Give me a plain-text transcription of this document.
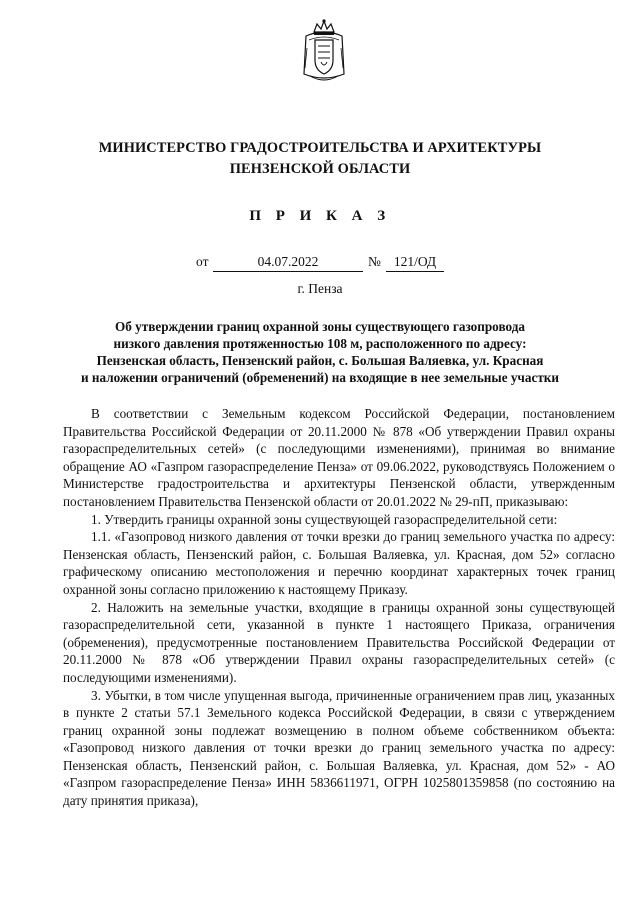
МИНИСТЕРСТВО ГРАДОСТРОИТЕЛЬСТВА И АРХИТЕКТУРЫ
ПЕНЗЕНСКОЙ ОБЛАСТИ
П Р И К А З
от	04.07.2022	№ 121/ОД
г. Пенза
Об утверждении границ охранной зоны существующего газопровода
низкого давления протяженностью 108 м, расположенного по адресу:
Пензенская область, Пензенский район, с. Большая Валяевка, ул. Красная
и наложении ограничений (обременений) на входящие в нее земельные участки

В соответствии с Земельным кодексом Российской Федерации, постановлением Правительства Российской Федерации от 20.11.2000 № 878 «Об утверждении Правил охраны газораспределительных сетей» (с последующими изменениями), принимая во внимание обращение АО «Газпром газораспределение Пенза» от 09.06.2022, руководствуясь Положением о Министерстве градостроительства и архитектуры Пензенской области, утвержденным постановлением Правительства Пензенской области от 20.01.2022 № 29-пП, приказываю:

1. Утвердить границы охранной зоны существующей газораспределительной сети:

1.1. «Газопровод низкого давления от точки врезки до границ земельного участка по адресу: Пензенская область, Пензенский район, с. Большая Валяевка, ул. Красная, дом 52» согласно графическому описанию местоположения и перечню координат характерных точек границ охранной зоны согласно приложению к настоящему Приказу.

2. Наложить на земельные участки, входящие в границы охранной зоны существующей газораспределительной сети, указанной в пункте 1 настоящего Приказа, ограничения (обременения), предусмотренные постановлением Правительства Российской Федерации от 20.11.2000 № 878 «Об утверждении Правил охраны газораспределительных сетей» (с последующими изменениями).

3. Убытки, в том числе упущенная выгода, причиненные ограничением прав лиц, указанных в пункте 2 статьи 57.1 Земельного кодекса Российской Федерации, в связи с утверждением границ охранной зоны подлежат возмещению в полном объеме собственником объекта: «Газопровод низкого давления от точки врезки до границ земельного участка по адресу: Пензенская область, Пензенский район, с. Большая Валяевка, ул. Красная, дом 52» - АО «Газпром газораспределение Пенза» ИНН 5836611971, ОГРН 1025801359858 (по состоянию на дату принятия приказа),
